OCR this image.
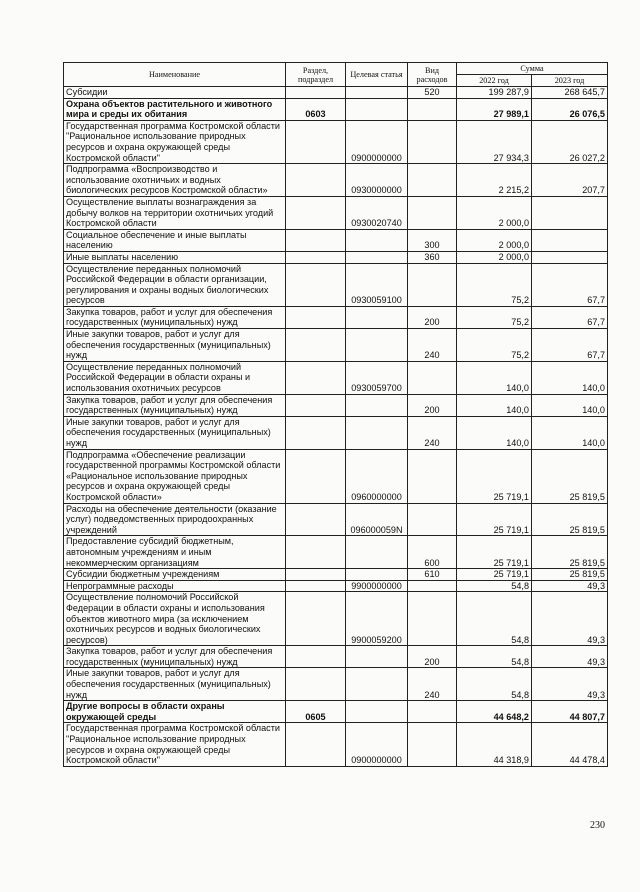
Наименование	Раздел, подраздел	Целевая статья	Вид расходов	Сумма	
				2022 год	2023 год
Субсидии			520	199 287,9	268 645,7
Охрана объектов растительного и животного мира и среды их обитания	0603			27 989,1	26 076,5
Государственная программа Костромской области "Рациональное использование природных ресурсов и охрана окружающей среды Костромской области"		0900000000		27 934,3	26 027,2
Подпрограмма «Воспроизводство и использование охотничьих и водных биологических ресурсов Костромской области»		0930000000		2 215,2	207,7
Осуществление выплаты вознаграждения за добычу волков на территории охотничьих угодий Костромской области		0930020740		2 000,0	
Социальное обеспечение и иные выплаты населению			300	2 000,0	
Иные выплаты населению			360	2 000,0	
Осуществление переданных полномочий Российской Федерации в области организации, регулирования и охраны водных биологических ресурсов		0930059100		75,2	67,7
Закупка товаров, работ и услуг для обеспечения государственных (муниципальных) нужд			200	75,2	67,7
Иные закупки товаров, работ и услуг для обеспечения государственных (муниципальных) нужд			240	75,2	67,7
Осуществление переданных полномочий Российской Федерации в области охраны и использования охотничьих ресурсов		0930059700		140,0	140,0
Закупка товаров, работ и услуг для обеспечения государственных (муниципальных) нужд			200	140,0	140,0
Иные закупки товаров, работ и услуг для обеспечения государственных (муниципальных) нужд			240	140,0	140,0
Подпрограмма «Обеспечение реализации государственной программы Костромской области «Рациональное использование природных ресурсов и охрана окружающей среды Костромской области»		0960000000		25 719,1	25 819,5
Расходы на обеспечение деятельности (оказание услуг) подведомственных природоохранных учреждений		096000059N		25 719,1	25 819,5
Предоставление субсидий бюджетным, автономным учреждениям и иным некоммерческим организациям			600	25 719,1	25 819,5
Субсидии бюджетным учреждениям			610	25 719,1	25 819,5
Непрограммные расходы		9900000000		54,8	49,3
Осуществление полномочий Российской Федерации в области охраны и использования объектов животного мира (за исключением охотничьих ресурсов и водных биологических ресурсов)		9900059200		54,8	49,3
Закупка товаров, работ и услуг для обеспечения государственных (муниципальных) нужд			200	54,8	49,3
Иные закупки товаров, работ и услуг для обеспечения государственных (муниципальных) нужд			240	54,8	49,3
Другие вопросы в области охраны окружающей среды	0605			44 648,2	44 807,7
Государственная программа Костромской области "Рациональное использование природных ресурсов и охрана окружающей среды Костромской области"		0900000000		44 318,9	44 478,4
230
